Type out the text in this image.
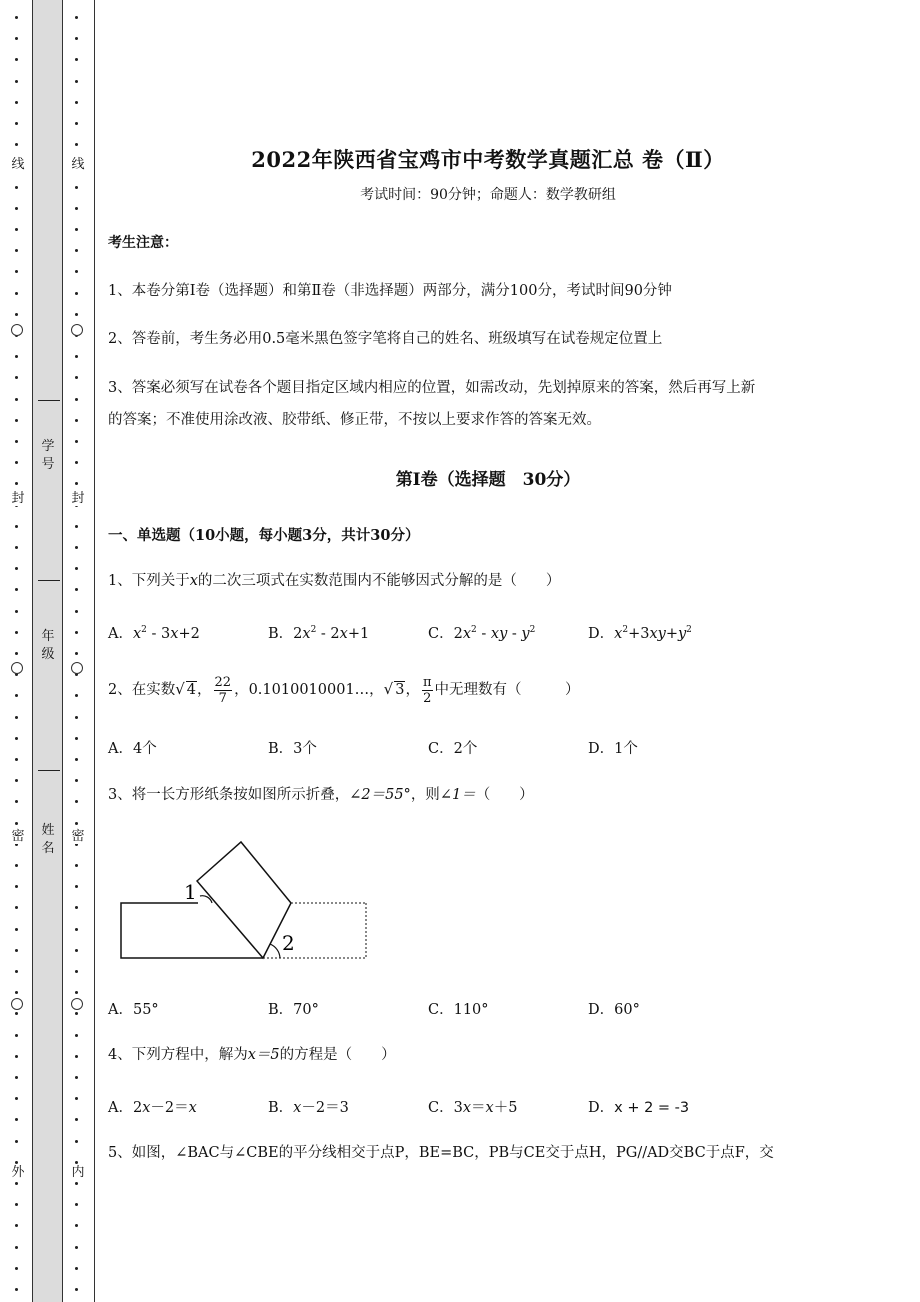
线
封
密
外
线
封
密
内
学号
年级
姓名
2022年陕西省宝鸡市中考数学真题汇总 卷（Ⅱ）
考试时间：90分钟；命题人：数学教研组
考生注意：
1、本卷分第I卷（选择题）和第Ⅱ卷（非选择题）两部分，满分100分，考试时间90分钟
2、答卷前，考生务必用0.5毫米黑色签字笔将自己的姓名、班级填写在试卷规定位置上
3、答案必须写在试卷各个题目指定区域内相应的位置，如需改动，先划掉原来的答案，然后再写上新
的答案；不准使用涂改液、胶带纸、修正带，不按以上要求作答的答案无效。
第I卷（选择题　30分）
一、单选题（10小题，每小题3分，共计30分）
1、下列关于x的二次三项式在实数范围内不能够因式分解的是（　　）
A．$x^2 - 3x+2$	B．$2x^2 - 2x+1$	C．$2x^2$ - xy - $y^2$	D．$x^2+3xy+y^2$
2、在实数√ 4， $\frac{22}{7}$ ，0.1010010001…，√ 3， $\frac{\pi}{2}$ 中无理数有（　　　）
A．4个	B．3个	C．2个	D．1个
3、将一长方形纸条按如图所示折叠，∠2＝55°，则∠1＝（　　）
1
2
A．55°	B．70°	C．110°	D．60°
4、下列方程中，解为x＝5的方程是（　　）
A．2x－2＝x	B．x－2＝3	C．3x＝x＋5	D．x + 2 = -3
5、如图，∠BAC与∠CBE的平分线相交于点P，BE=BC，PB与CE交于点H，PG//AD交BC于点F，交
